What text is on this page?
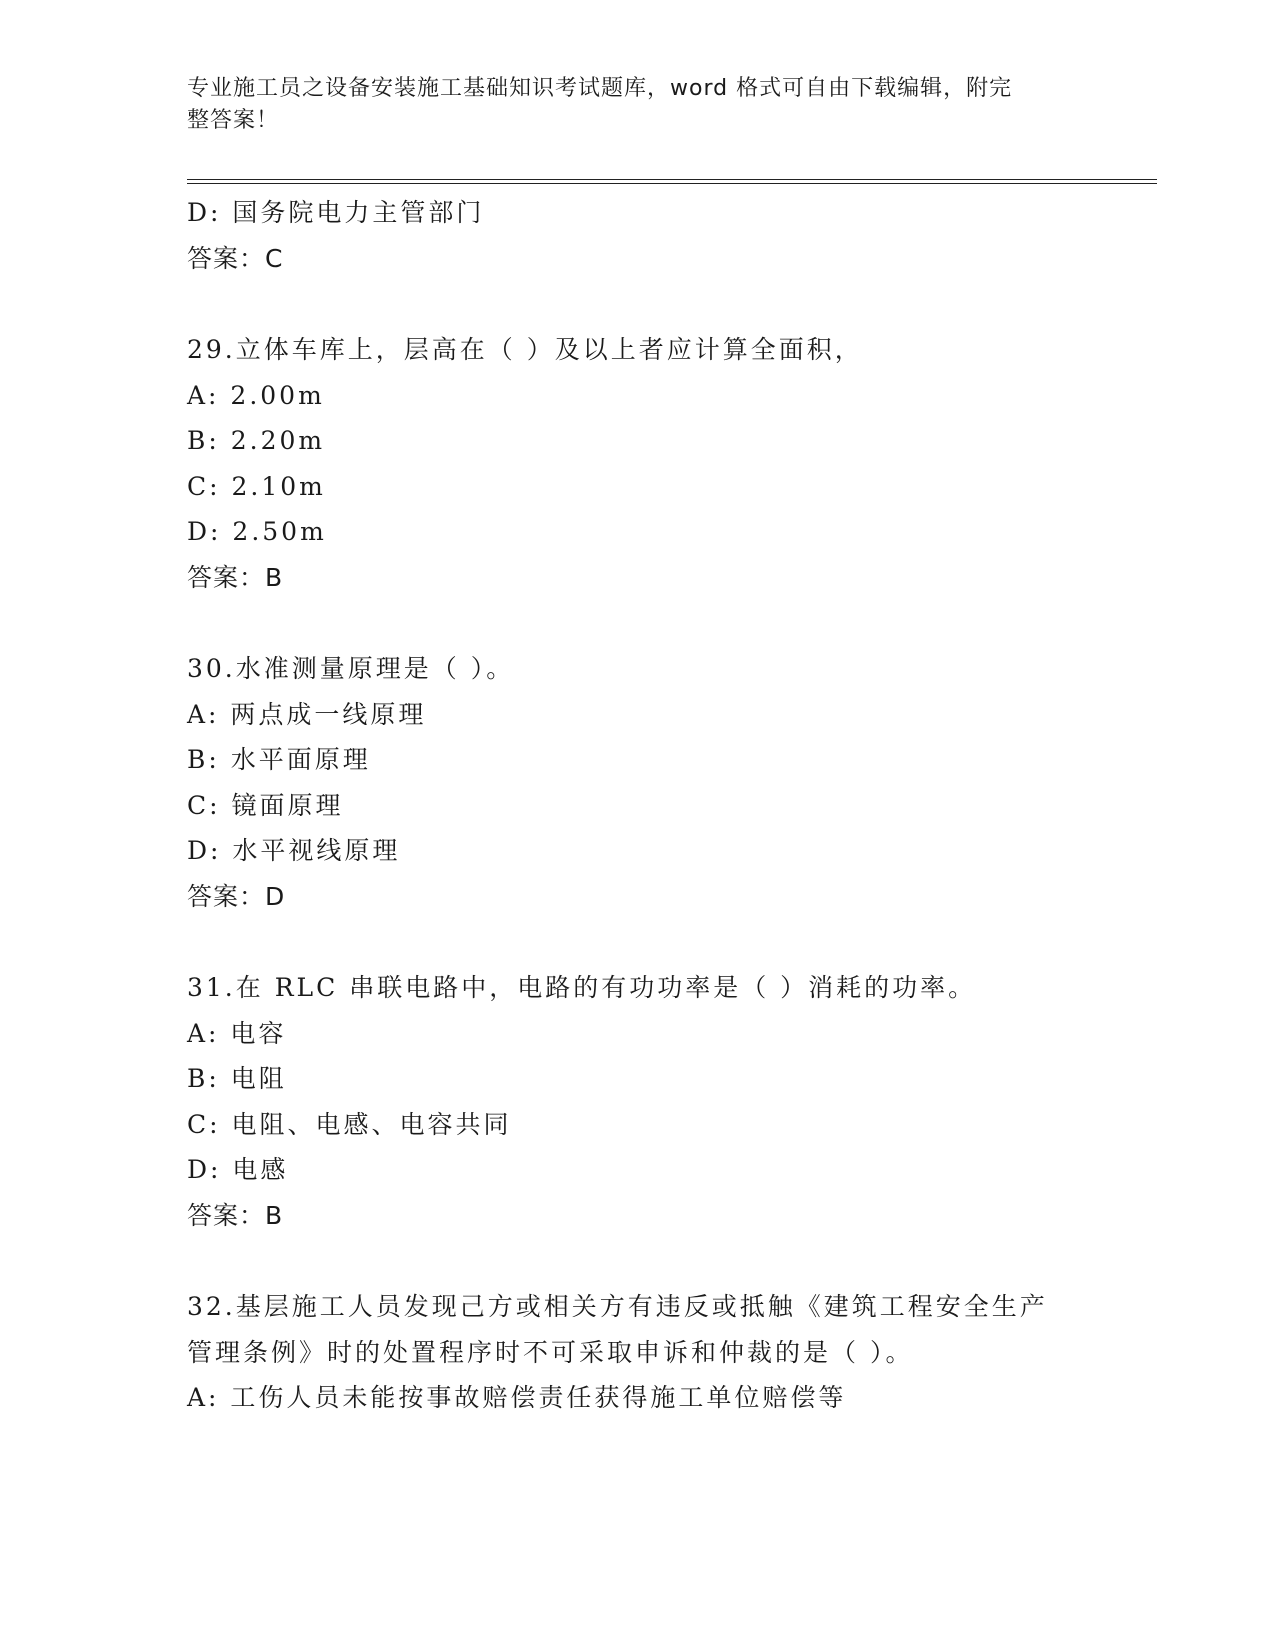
专业施工员之设备安装施工基础知识考试题库，word 格式可自由下载编辑，附完
整答案！
D: 国务院电力主管部门
答案：C
29.立体车库上，层高在（ ）及以上者应计算全面积，
A: 2.00m
B: 2.20m
C: 2.10m
D: 2.50m
答案：B
30.水准测量原理是（ ）。
A: 两点成一线原理
B: 水平面原理
C: 镜面原理
D: 水平视线原理
答案：D
31.在 RLC 串联电路中，电路的有功功率是（ ）消耗的功率。
A: 电容
B: 电阻
C: 电阻、电感、电容共同
D: 电感
答案：B
32.基层施工人员发现己方或相关方有违反或抵触《建筑工程安全生产
管理条例》时的处置程序时不可采取申诉和仲裁的是（ ）。
A: 工伤人员未能按事故赔偿责任获得施工单位赔偿等
